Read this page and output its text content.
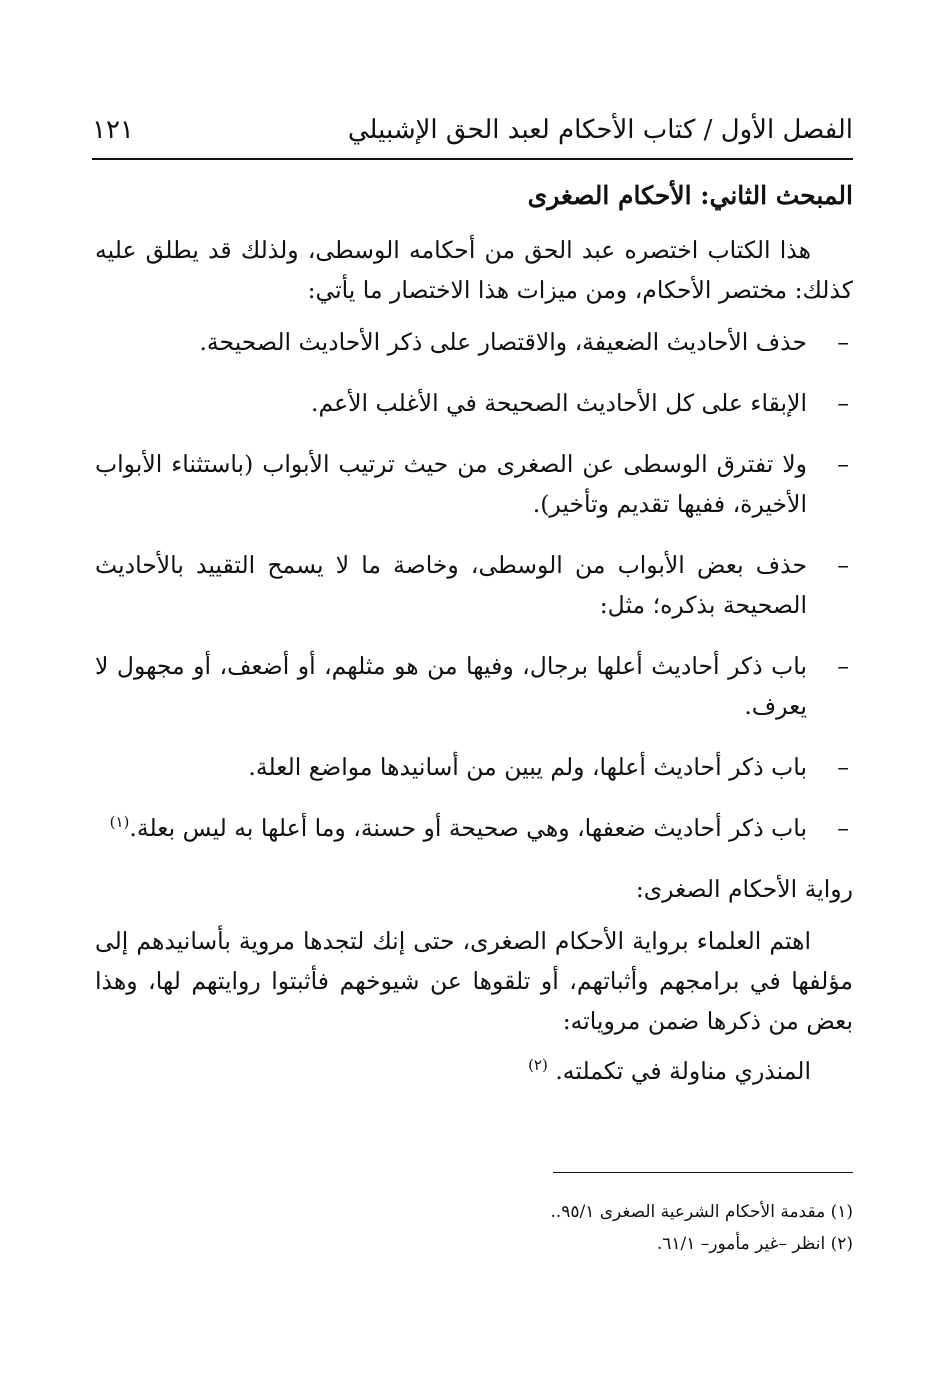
الفصل الأول / كتاب الأحكام لعبد الحق الإشبيلي
١٢١

المبحث الثاني: الأحكام الصغرى

هذا الكتاب اختصره عبد الحق من أحكامه الوسطى، ولذلك قد يطلق عليه كذلك: مختصر الأحكام، ومن ميزات هذا الاختصار ما يأتي:

– حذف الأحاديث الضعيفة، والاقتصار على ذكر الأحاديث الصحيحة.
– الإبقاء على كل الأحاديث الصحيحة في الأغلب الأعم.
– ولا تفترق الوسطى عن الصغرى من حيث ترتيب الأبواب (باستثناء الأبواب الأخيرة، ففيها تقديم وتأخير).
– حذف بعض الأبواب من الوسطى، وخاصة ما لا يسمح التقييد بالأحاديث الصحيحة بذكره؛ مثل:
– باب ذكر أحاديث أعلها برجال، وفيها من هو مثلهم، أو أضعف، أو مجهول لا يعرف.
– باب ذكر أحاديث أعلها، ولم يبين من أسانيدها مواضع العلة.
– باب ذكر أحاديث ضعفها، وهي صحيحة أو حسنة، وما أعلها به ليس بعلة.$^{(١)}$

رواية الأحكام الصغرى:

اهتم العلماء برواية الأحكام الصغرى، حتى إنك لتجدها مروية بأسانيدهم إلى مؤلفها في برامجهم وأثباتهم، أو تلقوها عن شيوخهم فأثبتوا روايتهم لها، وهذا بعض من ذكرها ضمن مروياته:

المنذري مناولة في تكملته. $^{(٢)}$

(١) مقدمة الأحكام الشرعية الصغرى ٩٥/١..

(٢) انظر –غير مأمور– ٦١/١.
